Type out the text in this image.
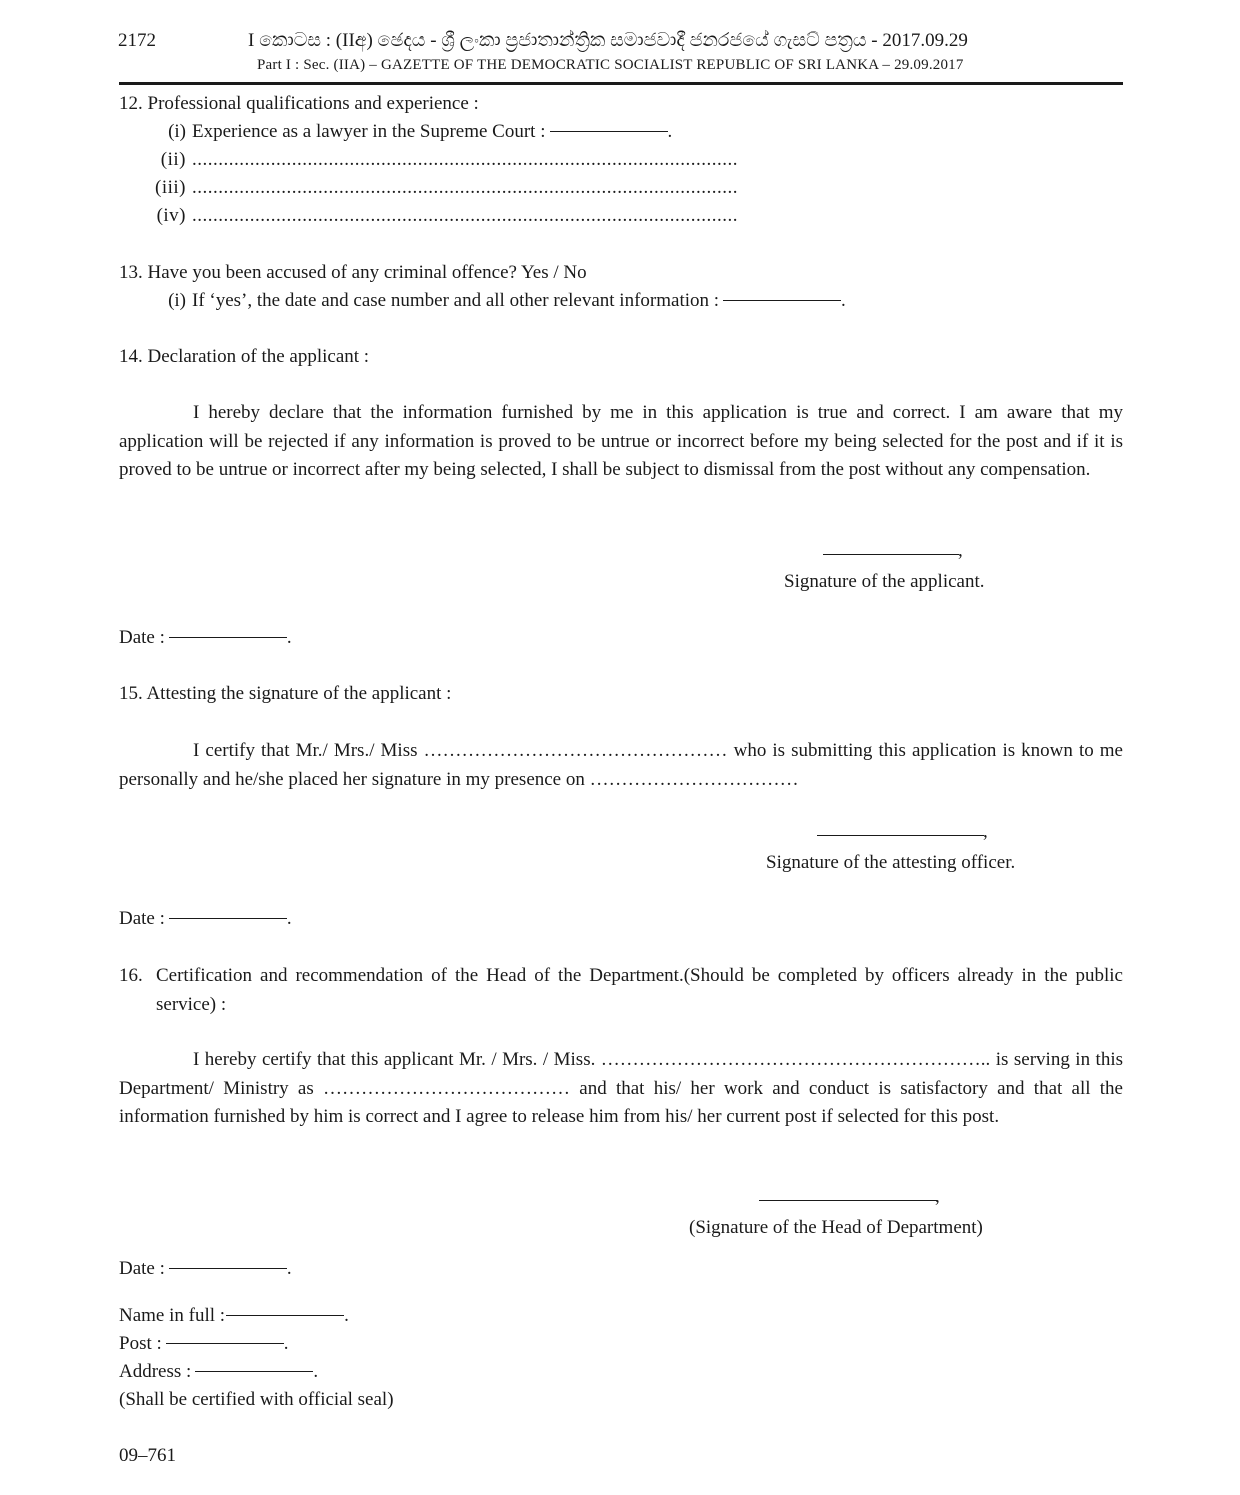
2172	I කොටස : (IIඅ) ඡෙදය - ශ්‍රී ලංකා ප්‍රජාතාන්ත්‍රික සමාජවාදී ජනරජයේ ගැසට් පත්‍රය - 2017.09.29
Part I : Sec. (IIA) – GAZETTE OF THE DEMOCRATIC SOCIALIST REPUBLIC OF SRI LANKA – 29.09.2017
12. Professional qualifications and experience :
(i) Experience as a lawyer in the Supreme Court :	.
(ii) ........................................................................................................
(iii) ........................................................................................................
(iv) ........................................................................................................
13. Have you been accused of any criminal offence? Yes / No
(i) If ‘yes’, the date and case number and all other relevant information :	.
14. Declaration of the applicant :
I hereby declare that the information furnished by me in this application is true and correct. I am aware that my application will be rejected if any information is proved to be untrue or incorrect before my being selected for the post and if it is proved to be untrue or incorrect after my being selected, I shall be subject to dismissal from the post without any compensation.
,
Signature of the applicant.
Date :	.
15. Attesting the signature of the applicant :
I certify that Mr./ Mrs./ Miss ………………………………………… who is submitting this application is known to me personally and he/she placed her signature in my presence on ……………………………
,
Signature of the attesting officer.
Date :	.
16. Certification and recommendation of the Head of the Department.(Should be completed by officers already in the public service) :
I hereby certify that this applicant Mr. / Mrs. / Miss. …………………………………………………….. is serving in this Department/ Ministry as ………………………………… and that his/ her work and conduct is satisfactory and that all the information furnished by him is correct and I agree to release him from his/ her current post if selected for this post.
,
(Signature of the Head of Department)
Date :	.
Name in full :	.
Post :	.
Address :	.
(Shall be certified with official seal)
09–761
